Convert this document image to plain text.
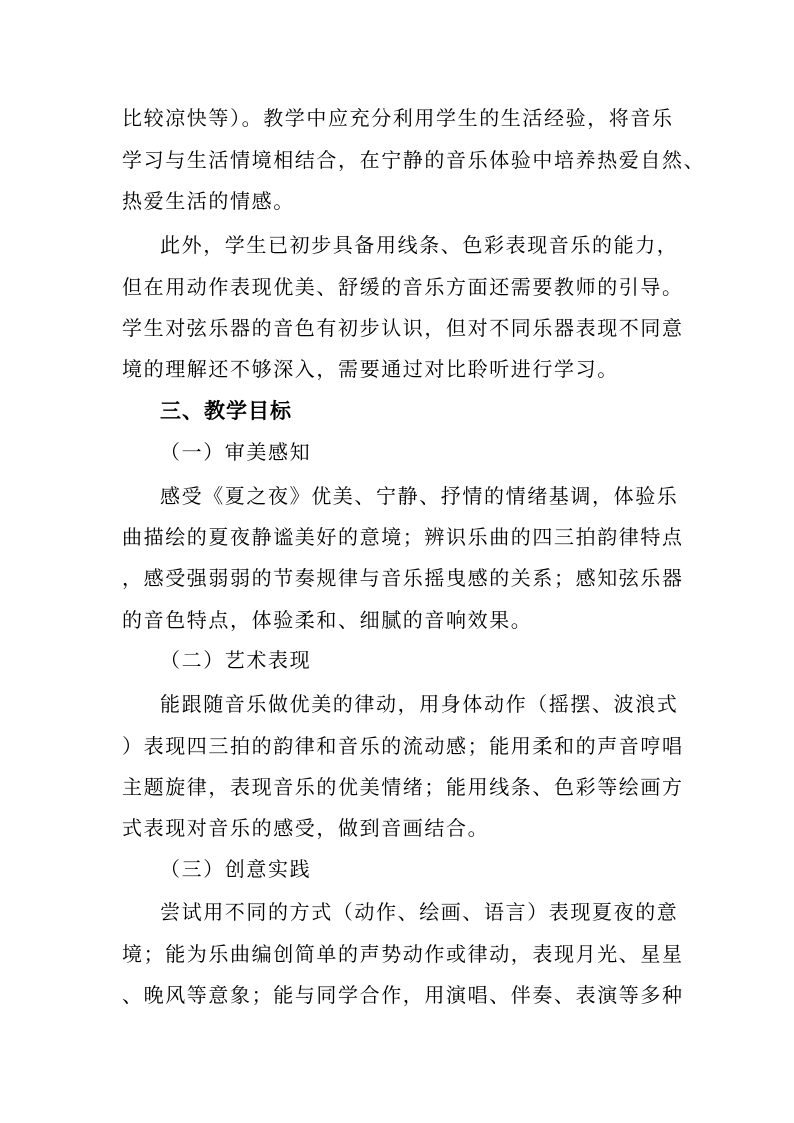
比较凉快等）。教学中应充分利用学生的生活经验，将音乐
学习与生活情境相结合，在宁静的音乐体验中培养热爱自然、
热爱生活的情感。
此外，学生已初步具备用线条、色彩表现音乐的能力，
但在用动作表现优美、舒缓的音乐方面还需要教师的引导。
学生对弦乐器的音色有初步认识，但对不同乐器表现不同意
境的理解还不够深入，需要通过对比聆听进行学习。
三、教学目标
（一）审美感知
感受《夏之夜》优美、宁静、抒情的情绪基调，体验乐
曲描绘的夏夜静谧美好的意境；辨识乐曲的四三拍韵律特点
，感受强弱弱的节奏规律与音乐摇曳感的关系；感知弦乐器
的音色特点，体验柔和、细腻的音响效果。
（二）艺术表现
能跟随音乐做优美的律动，用身体动作（摇摆、波浪式
）表现四三拍的韵律和音乐的流动感；能用柔和的声音哼唱
主题旋律，表现音乐的优美情绪；能用线条、色彩等绘画方
式表现对音乐的感受，做到音画结合。
（三）创意实践
尝试用不同的方式（动作、绘画、语言）表现夏夜的意
境；能为乐曲编创简单的声势动作或律动，表现月光、星星
、晚风等意象；能与同学合作，用演唱、伴奏、表演等多种
